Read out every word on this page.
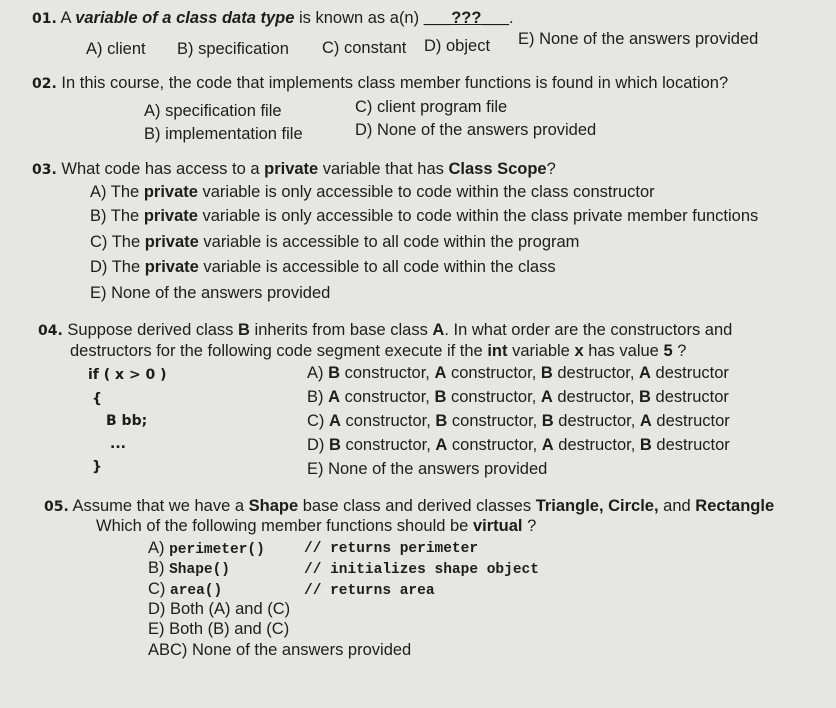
01. A variable of a class data type is known as a(n) ___???___.
A) client B) specification C) constant D) object E) None of the answers provided
02. In this course, the code that implements class member functions is found in which location?
A) specification file	C) client program file
B) implementation file	D) None of the answers provided
03. What code has access to a private variable that has Class Scope?
A) The private variable is only accessible to code within the class constructor
B) The private variable is only accessible to code within the class private member functions
C) The private variable is accessible to all code within the program
D) The private variable is accessible to all code within the class
E) None of the answers provided
04. Suppose derived class B inherits from base class A. In what order are the constructors and
destructors for the following code segment execute if the int variable x has value 5 ?
if ( x > 0 )
{
B bb;
...
}
A) B constructor, A constructor, B destructor, A destructor
B) A constructor, B constructor, A destructor, B destructor
C) A constructor, B constructor, B destructor, A destructor
D) B constructor, A constructor, A destructor, B destructor
E) None of the answers provided
05. Assume that we have a Shape base class and derived classes Triangle, Circle, and Rectangle
Which of the following member functions should be virtual ?
A) perimeter()	// returns perimeter
B) Shape()	// initializes shape object
C) area()	// returns area
D) Both (A) and (C)
E) Both (B) and (C)
ABC) None of the answers provided
